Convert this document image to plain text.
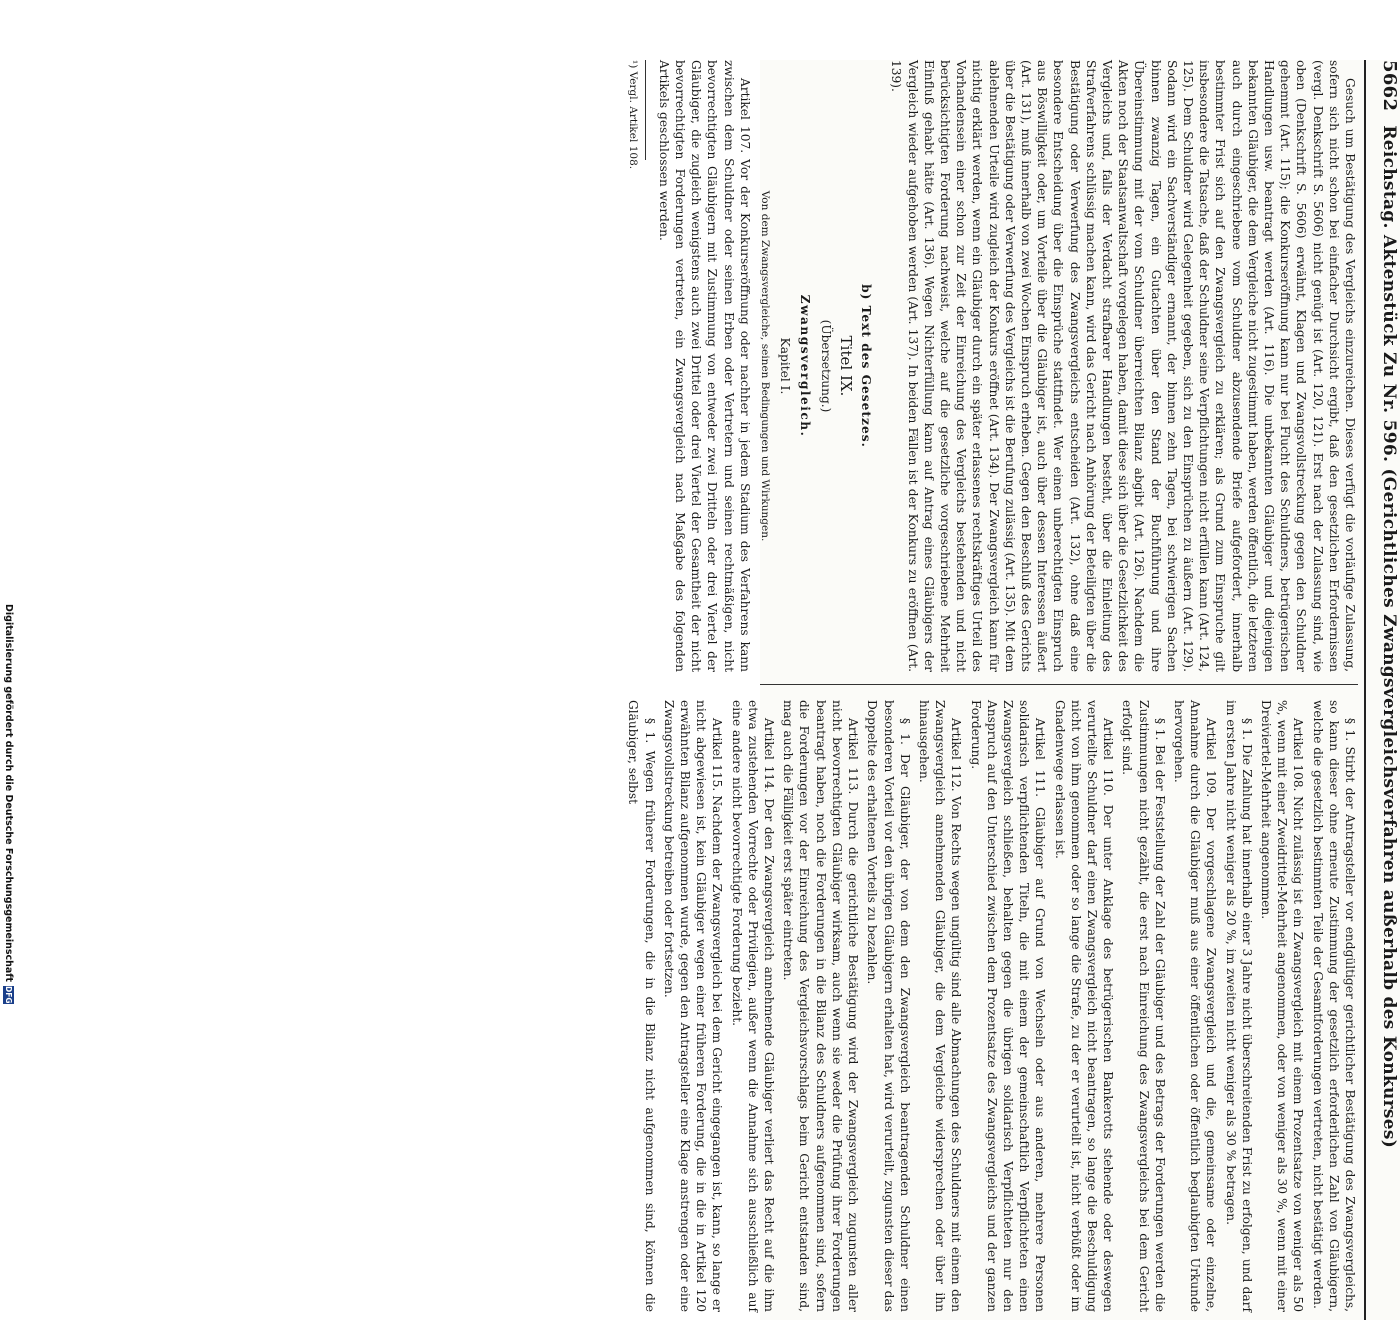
5662
Reichstag. Aktenstück Zu Nr. 596. (Gerichtliches Zwangsvergleichsverfahren außerhalb des Konkurses)

Gesuch um Bestätigung des Vergleichs einzureichen. Dieses verfügt die vorläufige Zulassung, sofern sich nicht schon bei einfacher Durchsicht ergibt, daß den gesetzlichen Erfordernissen (vergl. Denkschrift S. 5606) nicht genügt ist (Art. 120, 121). Erst nach der Zulassung sind, wie oben (Denkschrift S. 5606) erwähnt, Klagen und Zwangsvollstreckung gegen den Schuldner gehemmt (Art. 115); die Konkurseröffnung kann nur bei Flucht des Schuldners, betrügerischen Handlungen usw. beantragt werden (Art. 116). Die unbekannten Gläubiger und diejenigen bekannten Gläubiger, die dem Vergleiche nicht zugestimmt haben, werden öffentlich, die letzteren auch durch eingeschriebene vom Schuldner abzusendende Briefe aufgefordert, innerhalb bestimmter Frist sich auf den Zwangsvergleich zu erklären; als Grund zum Einspruche gilt insbesondere die Tatsache, daß der Schuldner seine Verpflichtungen nicht erfüllen kann (Art. 124, 125). Dem Schuldner wird Gelegenheit gegeben, sich zu den Einsprüchen zu äußern (Art. 129). Sodann wird ein Sachverständiger ernannt, der binnen zehn Tagen, bei schwierigen Sachen binnen zwanzig Tagen, ein Gutachten über den Stand der Buchführung und ihre Übereinstimmung mit der vom Schuldner überreichten Bilanz abgibt (Art. 126). Nachdem die Akten noch der Staatsanwaltschaft vorgelegen haben, damit diese sich über die Gesetzlichkeit des Vergleichs und, falls der Verdacht strafbarer Handlungen besteht, über die Einleitung des Strafverfahrens schlüssig machen kann, wird das Gericht nach Anhörung der Beteiligten über die Bestätigung oder Verwerfung des Zwangsvergleichs entscheiden (Art. 132), ohne daß eine besondere Entscheidung über die Einsprüche stattfindet. Wer einen unberechtigten Einspruch aus Böswilligkeit oder, um Vorteile über die Gläubiger ist, auch über dessen Interessen äußert (Art. 131), muß innerhalb von zwei Wochen Einspruch erheben. Gegen den Beschluß des Gerichts über die Bestätigung oder Verwerfung des Vergleichs ist die Berufung zulässig (Art. 135). Mit dem ablehnenden Urteile wird zugleich der Konkurs eröffnet (Art. 134). Der Zwangsvergleich kann für nichtig erklärt werden, wenn ein Gläubiger durch ein später erlassenes rechtskräftiges Urteil des Vorhandensein einer schon zur Zeit der Einreichung des Vergleichs bestehenden und nicht berücksichtigten Forderung nachweist, welche auf die gesetzliche vorgeschriebene Mehrheit Einfluß gehabt hätte (Art. 136). Wegen Nichterfüllung kann auf Antrag eines Gläubigers der Vergleich wieder aufgehoben werden (Art. 137). In beiden Fällen ist der Konkurs zu eröffnen (Art. 139).

b) Text des Gesetzes.

Titel IX.

(Übersetzung.)

Zwangsvergleich.

Kapitel I.

Von dem Zwangsvergleiche, seinen Bedingungen und Wirkungen.

Artikel 107. Vor der Konkurseröffnung oder nachher in jedem Stadium des Verfahrens kann zwischen dem Schuldner oder seinen Erben oder Vertretern und seinen rechtmäßigen, nicht bevorrechtigten Gläubigern mit Zustimmung von entweder zwei Dritteln oder drei Viertel der Gläubiger, die zugleich wenigstens auch zwei Drittel oder drei Viertel der Gesamtheit der nicht bevorrechtigten Forderungen vertreten, ein Zwangsvergleich nach Maßgabe des folgenden Artikels geschlossen werden.

¹) Vergl. Artikel 108.

§ 1. Stirbt der Antragsteller vor endgültiger gerichtlicher Bestätigung des Zwangsvergleichs, so kann dieser ohne erneute Zustimmung der gesetzlich erforderlichen Zahl von Gläubigern, welche die gesetzlich bestimmten Teile der Gesamtforderungen vertreten, nicht bestätigt werden.

Artikel 108. Nicht zulässig ist ein Zwangsvergleich mit einem Prozentsatze von weniger als 50 %, wenn mit einer Zweidrittel-Mehrheit angenommen, oder von weniger als 30 %, wenn mit einer Dreiviertel-Mehrheit angenommen.

§ 1. Die Zahlung hat innerhalb einer 3 Jahre nicht überschreitenden Frist zu erfolgen, und darf im ersten Jahre nicht weniger als 20 %, im zweiten nicht weniger als 30 % betragen.

Artikel 109. Der vorgeschlagene Zwangsvergleich und die, gemeinsame oder einzelne, Annahme durch die Gläubiger muß aus einer öffentlichen oder öffentlich beglaubigten Urkunde hervorgehen.

§ 1. Bei der Feststellung der Zahl der Gläubiger und des Betrags der Forderungen werden die Zustimmungen nicht gezählt, die erst nach Einreichung des Zwangsvergleichs bei dem Gericht erfolgt sind.

Artikel 110. Der unter Anklage des betrügerischen Bankerotts stehende oder deswegen verurteilte Schuldner darf einen Zwangsvergleich nicht beantragen, so lange die Beschuldigung nicht von ihm genommen oder so lange die Strafe, zu der er verurteilt ist, nicht verbüßt oder im Gnadenwege erlassen ist.

Artikel 111. Gläubiger auf Grund von Wechseln oder aus anderen, mehrere Personen solidarisch verpflichtenden Titeln, die mit einem der gemeinschaftlich Verpflichteten einen Zwangsvergleich schließen, behalten gegen die übrigen solidarisch Verpflichteten nur den Anspruch auf den Unterschied zwischen dem Prozentsatze des Zwangsvergleichs und der ganzen Forderung.

Artikel 112. Von Rechts wegen ungültig sind alle Abmachungen des Schuldners mit einem den Zwangsvergleich annehmenden Gläubiger, die dem Vergleiche widersprechen oder über ihn hinausgehen.

§ 1. Der Gläubiger, der von dem den Zwangsvergleich beantragenden Schuldner einen besonderen Vorteil vor den übrigen Gläubigern erhalten hat, wird verurteilt, zugunsten dieser das Doppelte des erhaltenen Vorteils zu bezahlen.

Artikel 113. Durch die gerichtliche Bestätigung wird der Zwangsvergleich zugunsten aller nicht bevorrechtigten Gläubiger wirksam, auch wenn sie weder die Prüfung ihrer Forderungen beantragt haben, noch die Forderungen in die Bilanz des Schuldners aufgenommen sind, sofern die Forderungen vor der Einreichung des Vergleichsvorschlags beim Gericht entstanden sind, mag auch die Fälligkeit erst später eintreten.

Artikel 114. Der den Zwangsvergleich annehmende Gläubiger verliert das Recht auf die ihm etwa zustehenden Vorrechte oder Privilegien, außer wenn die Annahme sich ausschließlich auf eine andere nicht bevorrechtigte Forderung bezieht.

Artikel 115. Nachdem der Zwangsvergleich bei dem Gericht eingegangen ist, kann, so lange er nicht abgewiesen ist, kein Gläubiger wegen einer früheren Forderung, die in die in Artikel 120 erwähnten Bilanz aufgenommen wurde, gegen den Antragsteller eine Klage anstrengen oder eine Zwangsvollstreckung betreiben oder fortsetzen.

§ 1. Wegen früherer Forderungen, die in die Bilanz nicht aufgenommen sind, können die Gläubiger, selbst

Digitalisierung gefördert durch die Deutsche Forschungsgemeinschaft
DFG
